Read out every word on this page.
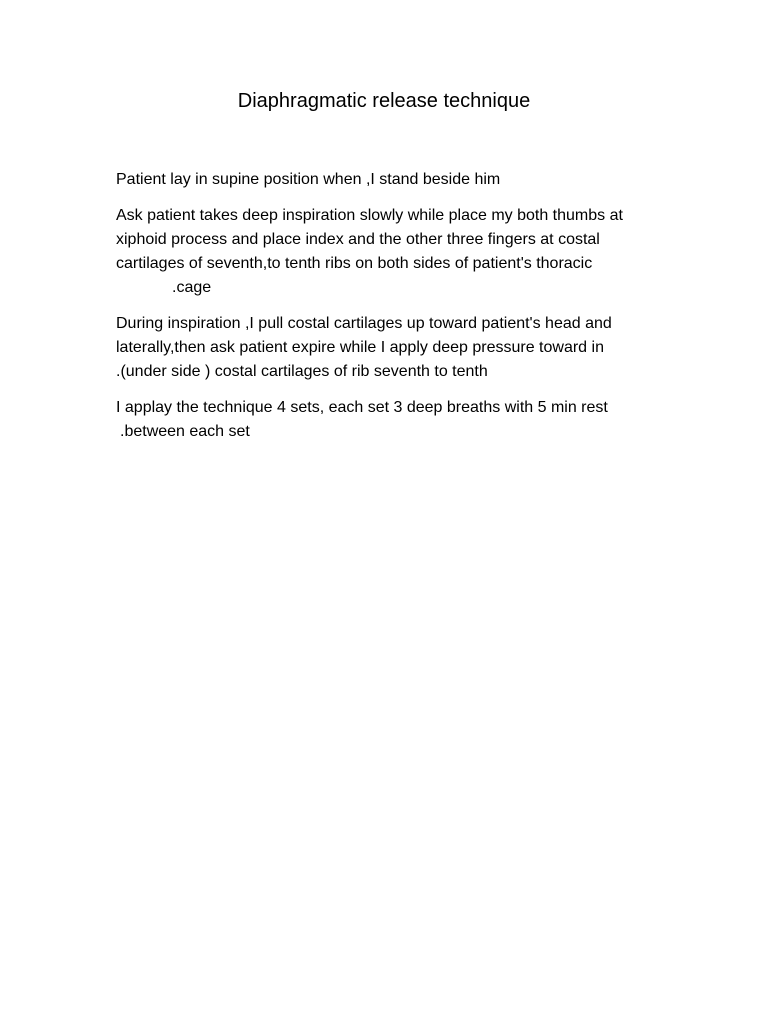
Diaphragmatic release technique
Patient lay in supine position when ,I stand beside him
Ask patient takes deep inspiration slowly while place my both thumbs at
xiphoid process and place index and the other three fingers at costal
cartilages of seventh,to tenth ribs on both sides of patient's thoracic
.cage
During inspiration ,I pull costal cartilages up toward patient's head and
laterally,then ask patient expire while I apply deep pressure toward in
.(under side ) costal cartilages of rib seventh to tenth
I applay the technique 4 sets, each set 3 deep breaths with 5 min rest
.between each set
